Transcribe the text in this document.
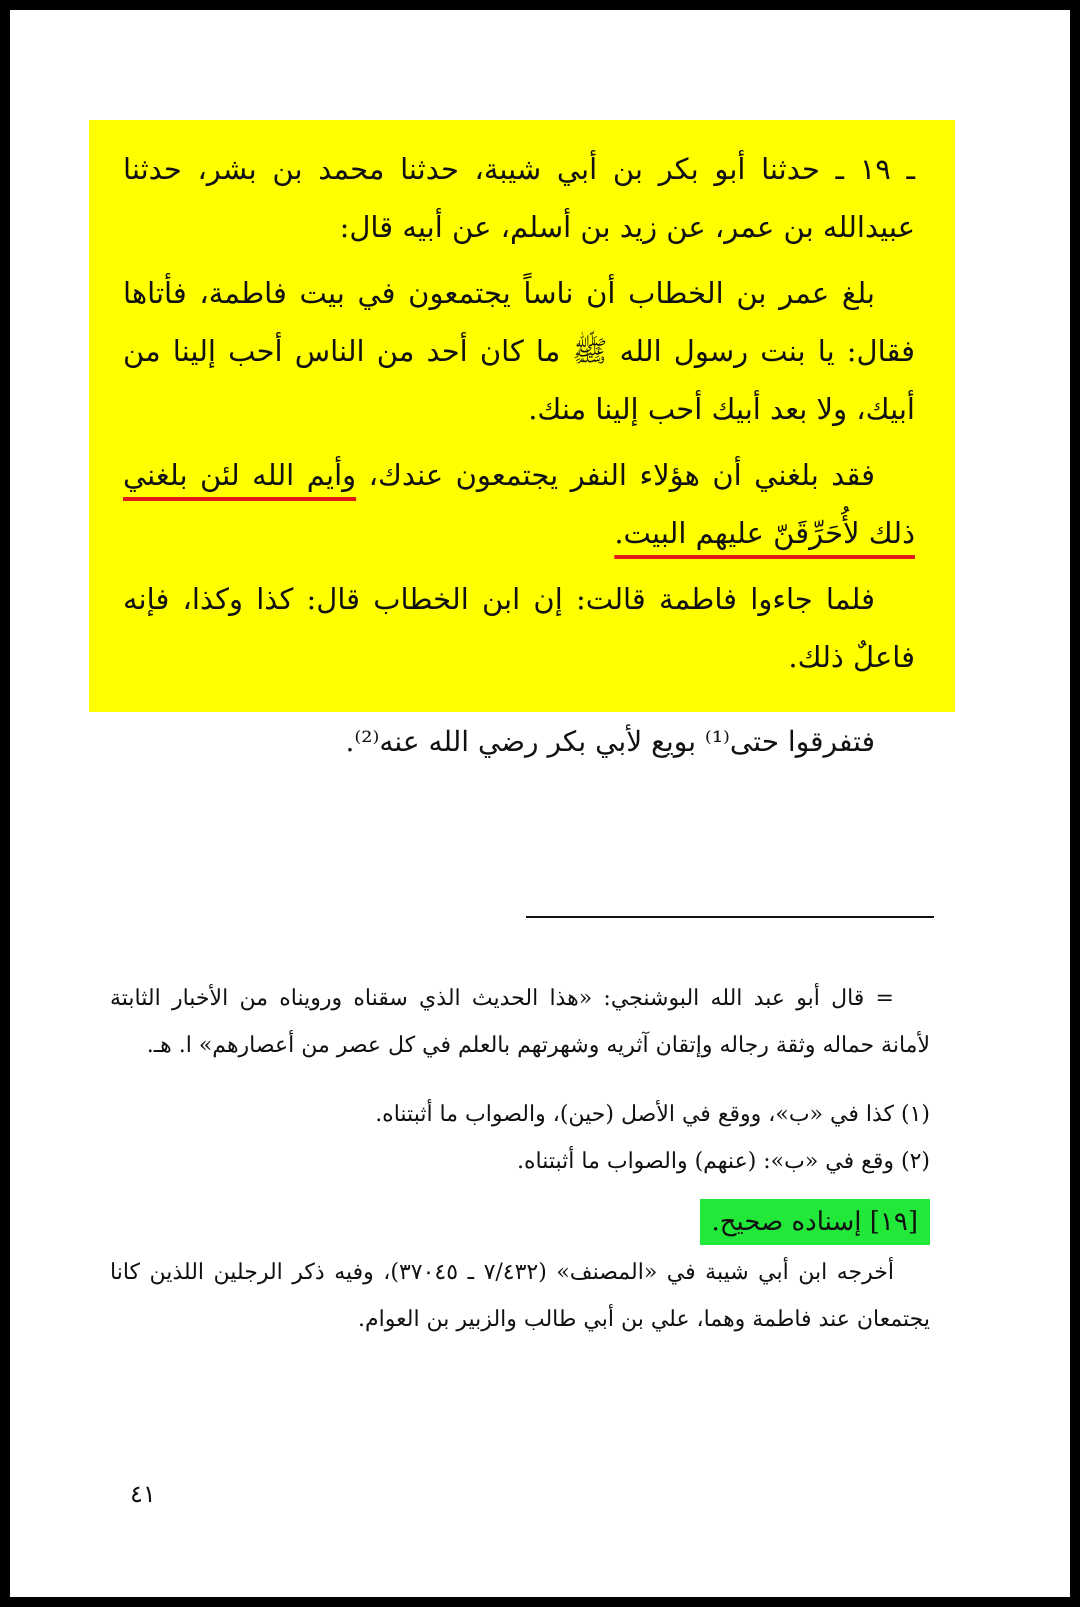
ـ ١٩ ـ حدثنا أبو بكر بن أبي شيبة، حدثنا محمد بن بشر، حدثنا عبيدالله بن عمر، عن زيد بن أسلم، عن أبيه قال:

بلغ عمر بن الخطاب أن ناساً يجتمعون في بيت فاطمة، فأتاها فقال: يا بنت رسول الله ﷺ ما كان أحد من الناس أحب إلينا من أبيك، ولا بعد أبيك أحب إلينا منك.

فقد بلغني أن هؤلاء النفر يجتمعون عندك، وأيم الله لئن بلغني ذلك لأُحَرِّقَنّ عليهم البيت.

فلما جاءوا فاطمة قالت: إن ابن الخطاب قال: كذا وكذا، فإنه فاعلٌ ذلك.

فتفرقوا حتى⁽¹⁾ بويع لأبي بكر رضي الله عنه⁽²⁾.

= قال أبو عبد الله البوشنجي: «هذا الحديث الذي سقناه ورويناه من الأخبار الثابتة لأمانة حماله وثقة رجاله وإتقان آثريه وشهرتهم بالعلم في كل عصر من أعصارهم» ا. هـ.

(١) كذا في «ب»، ووقع في الأصل (حين)، والصواب ما أثبتناه.

(٢) وقع في «ب»: (عنهم) والصواب ما أثبتناه.

[١٩] إسناده صحيح.

أخرجه ابن أبي شيبة في «المصنف» (٧/٤٣٢ ـ ٣٧٠٤٥)، وفيه ذكر الرجلين اللذين كانا يجتمعان عند فاطمة وهما، علي بن أبي طالب والزبير بن العوام.

٤١
